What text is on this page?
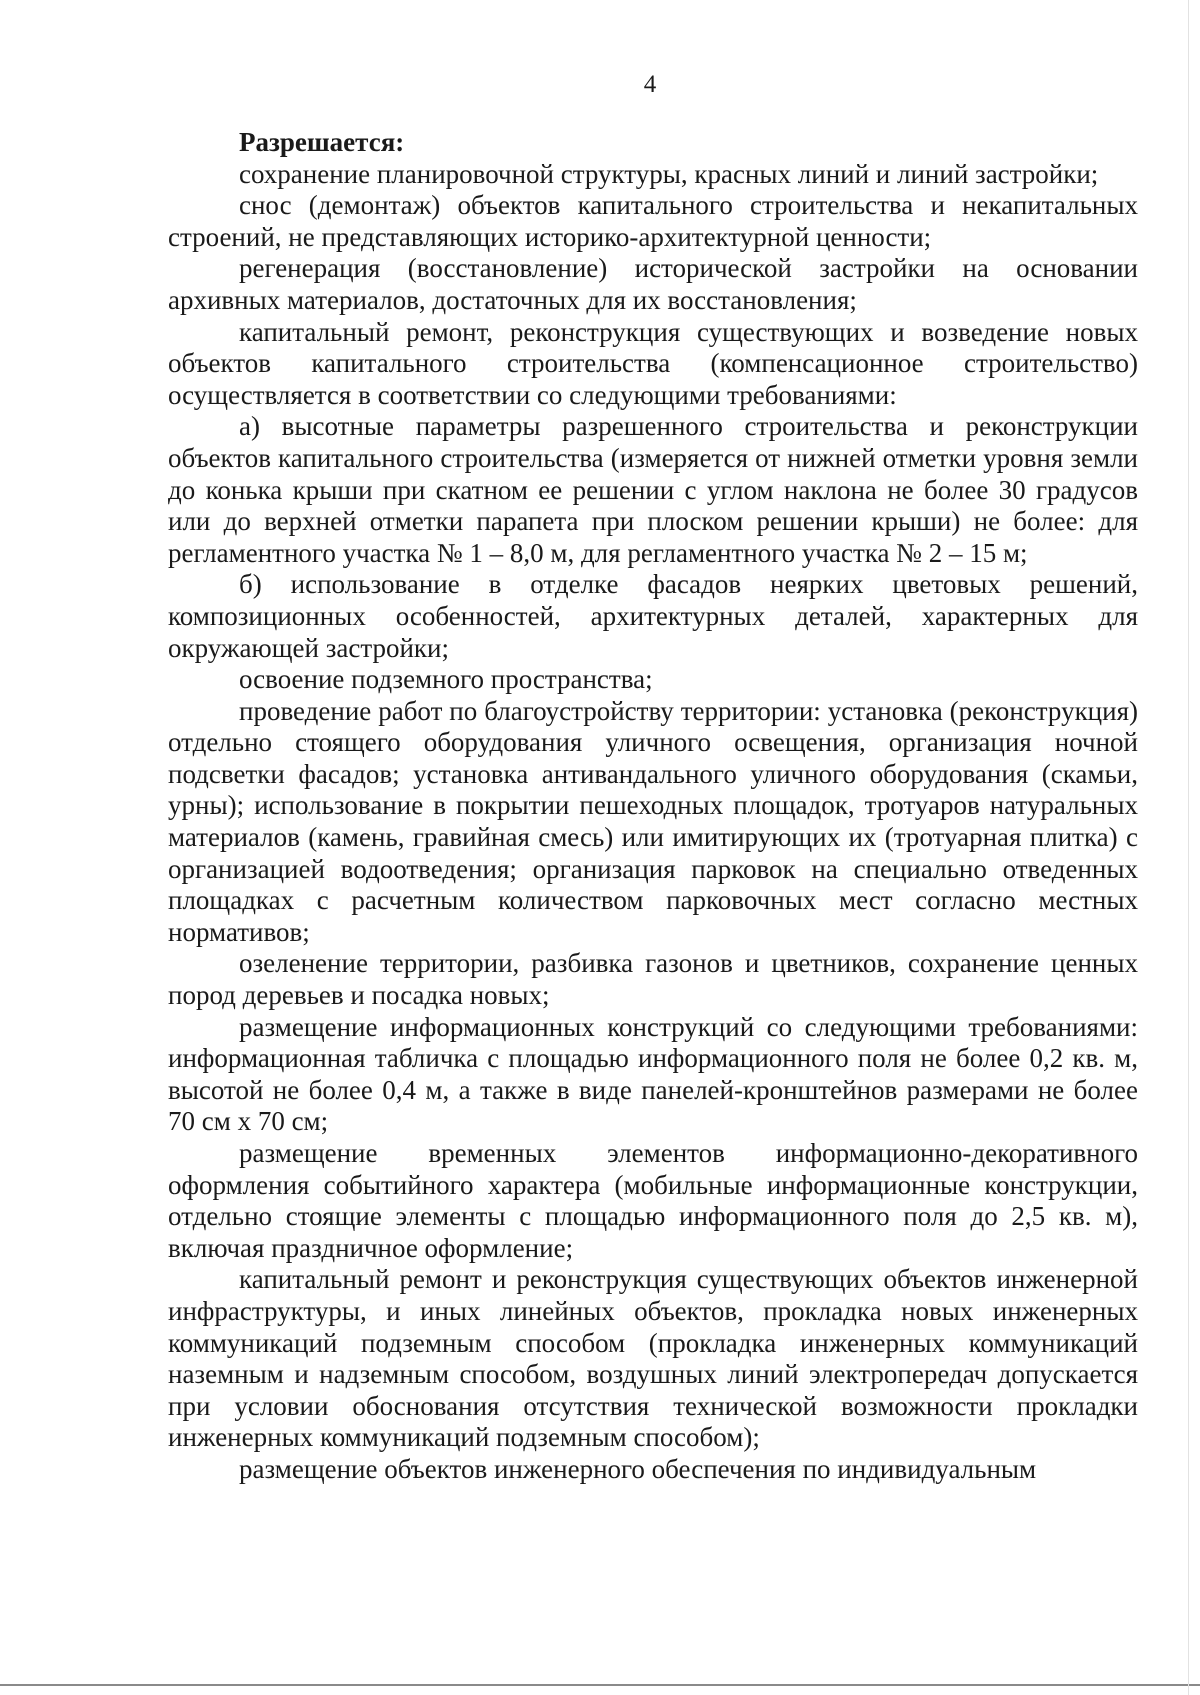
4

Разрешается:

сохранение планировочной структуры, красных линий и линий застройки;

снос (демонтаж) объектов капитального строительства и некапитальных строений, не представляющих историко-архитектурной ценности;

регенерация (восстановление) исторической застройки на основании архивных материалов, достаточных для их восстановления;

капитальный ремонт, реконструкция существующих и возведение новых объектов капитального строительства (компенсационное строительство) осуществляется в соответствии со следующими требованиями:

а) высотные параметры разрешенного строительства и реконструкции объектов капитального строительства (измеряется от нижней отметки уровня земли до конька крыши при скатном ее решении с углом наклона не более 30 градусов или до верхней отметки парапета при плоском решении крыши) не более: для регламентного участка № 1 – 8,0 м, для регламентного участка № 2 – 15 м;

б) использование в отделке фасадов неярких цветовых решений, композиционных особенностей, архитектурных деталей, характерных для окружающей застройки;

освоение подземного пространства;

проведение работ по благоустройству территории: установка (реконструкция) отдельно стоящего оборудования уличного освещения, организация ночной подсветки фасадов; установка антивандального уличного оборудования (скамьи, урны); использование в покрытии пешеходных площадок, тротуаров натуральных материалов (камень, гравийная смесь) или имитирующих их (тротуарная плитка) с организацией водоотведения; организация парковок на специально отведенных площадках с расчетным количеством парковочных мест согласно местных нормативов;

озеленение территории, разбивка газонов и цветников, сохранение ценных пород деревьев и посадка новых;

размещение информационных конструкций со следующими требованиями: информационная табличка с площадью информационного поля не более 0,2 кв. м, высотой не более 0,4 м, а также в виде панелей-кронштейнов размерами не более 70 см х 70 см;

размещение временных элементов информационно-декоративного оформления событийного характера (мобильные информационные конструкции, отдельно стоящие элементы с площадью информационного поля до 2,5 кв. м), включая праздничное оформление;

капитальный ремонт и реконструкция существующих объектов инженерной инфраструктуры, и иных линейных объектов, прокладка новых инженерных коммуникаций подземным способом (прокладка инженерных коммуникаций наземным и надземным способом, воздушных линий электропередач допускается при условии обоснования отсутствия технической возможности прокладки инженерных коммуникаций подземным способом);

размещение объектов инженерного обеспечения по индивидуальным
